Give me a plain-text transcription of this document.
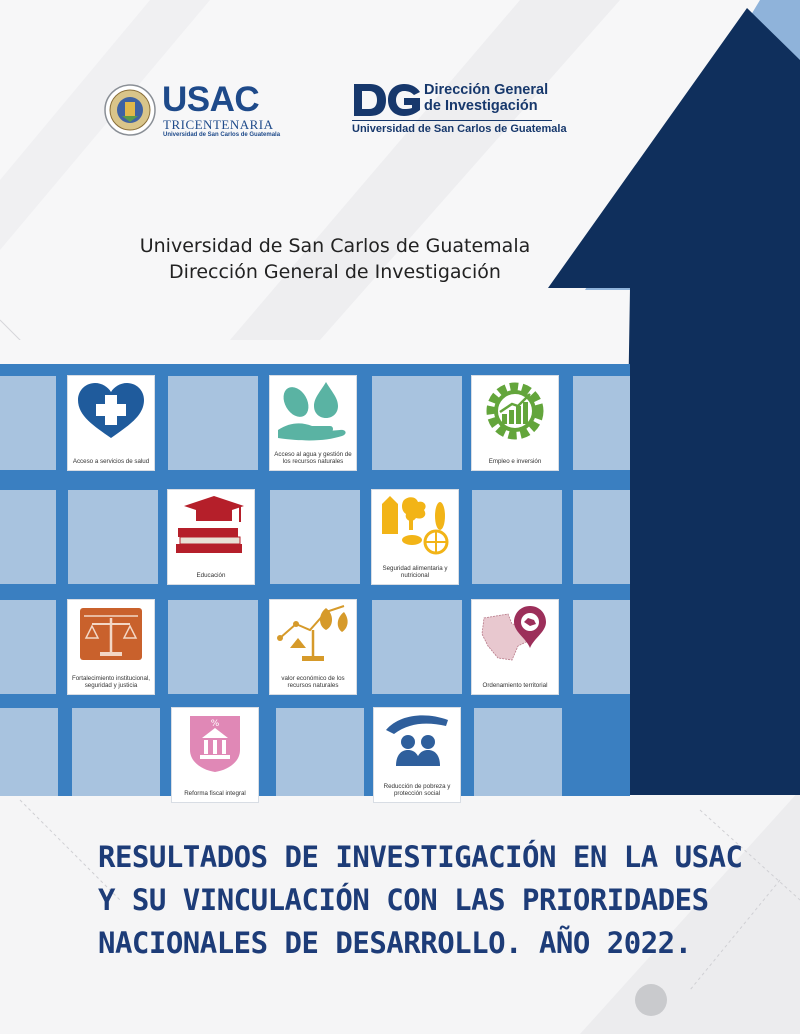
USAC
TRICENTENARIA
Universidad de San Carlos de Guatemala
Dirección General
de Investigación
Universidad de San Carlos de Guatemala
Universidad de San Carlos de Guatemala
Dirección General de Investigación
Acceso a servicios de salud
Acceso al agua y gestión de los recursos naturales	Empleo e inversión
Educación
Seguridad alimentaria y nutricional
Fortalecimiento institucional, seguridad y justicia
valor económico de los recursos naturales	Ordenamiento territorial
%
Reforma fiscal integral
Reducción de pobreza y protección social
RESULTADOS DE INVESTIGACIÓN EN LA USAC
Y SU VINCULACIÓN CON LAS PRIORIDADES
NACIONALES DE DESARROLLO. AÑO 2022.
